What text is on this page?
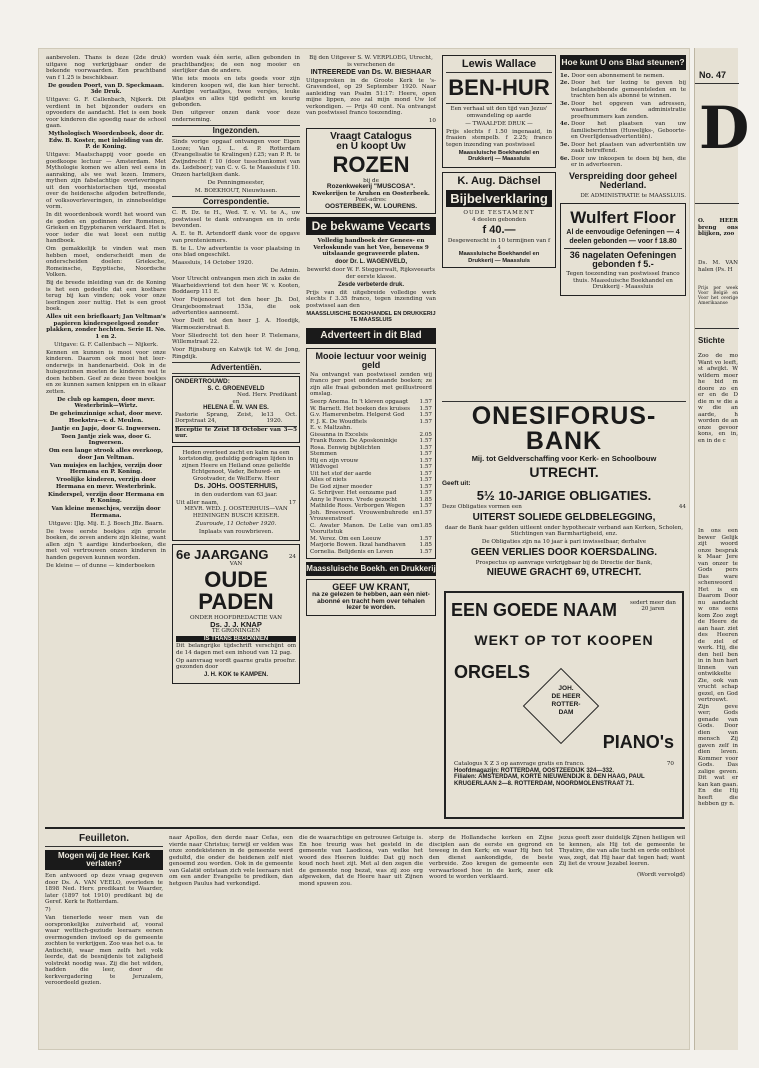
aanbevolen. Thans is deze (2de druk) uitgave nog verkrijgbaar onder de bekende voorwaarden. Een prachtband van f 1.25 is beschikbaar.

De gouden Poort, van D. Speckmaan. 3de Druk.

Uitgave: G. F. Callenbach, Nijkerk. Dit verdient in het bijzonder ouders en opvoeders de aandacht. Het is een boek voor kinderen die spoedig naar de school gaan.

Mythologisch Woordenboek, door dr. Edw. B. Koster, met inleiding van dr. P. de Koning.

Uitgave: Maatschappij voor goede en goedkoope lectuur — Amsterdam. Met Mythologie komen we allen wel eens in aanraking, als we wat lezen. Immers, mythen zijn fabelachtige overleveringen uit den voorhistorischen tijd, meestal over de heidensche afgoden betreffende, of volksoverleveringen, in zinnebeeldige vorm.

In dit woordenboek wordt het woord van de goden en godinnen der Romeinen, Grieken en Egyptenaren verklaard. Het is voor ieder die wat leest een nuttig handboek.

Om gemakkelijk te vinden wat men hebben moet, onderscheidt men de onderscheiden doelen: Grieksche, Romeinsche, Egyptische, Noordsche Volken.

Bij de breede inleiding van dr. de Koning is het een gedeelte dat een kostbare terug bij kan vinden; ook voor onze leerlingen zeer nuttig. Het is een groot boek.

Alles uit een briefkaart; Jan Veltman's papieren kinderspeelgoed zonder plakken, zonder hechten. Serie II. No. 1 en 2.

Uitgave: G. F. Callenbach — Nijkerk.

Kennen en kunnen is mooi voor onze kinderen. Daarom ook mooi het leer-onderwijs in handenarbeid. Ook in de huisgezinnen moeten de kinderen wat te doen hebben. Geef ze deze twee boekjes en ze kunnen samen knippen en in elkaar zetten.

De club op kampen, door mevr. Westerbrink—Wirtz.

De geheimzinnige schat, door mevr. Hoekstra—v. d. Meulen.

Jantje en Japje, door G. Ingwersen.

Toen Jantje ziek was, door G. Ingwersen.

Om een lange strook alles overkoop, door Jan Veltman.

Van muisjes en lachjes, verzijn door Hermana en P. Koning.

Vroolijke kinderen, verzijn door Hermana en mevr. Westerbrink.

Kinderspel, verzijn door Hermana en P. Koning.

Van kleine menschjes, verzijn door Hermana.

Uitgave: IJlg. Mij. E. J. Bosch JBz. Baarn.

De twee eerste boekjes zijn groote boeken, de zeven andere zijn kleine, want allen zijn 't aardige kinderboeken, die met vol vertrouwen onzen kinderen in handen gegeven kunnen worden.

De kleine — of dunne — kinderboeken

worden vaak één serie, allen gebonden in prachtbandjes; de een nog mooier en sierlijker dan de andere.

Wie iets moois en iets goeds voor zijn kinderen koopen wil, die kan hier terecht. Aardige vertaaltjes, twee versjes, leuke plaatjes en alles tijd gedicht en keurig gebonden.

Den uitgever onzen dank voor deze onderneming.

Ingezonden.

Sinds vorige opgaaf ontvangen voor Eigen Looze; Van J. L. d. P. Rotterdam (Evangelisatie te Kralingen) f.25; van P. R. te Zwijndrecht f 10 (door tusschenkomst van ds. Ledeboer); van C. v. G. te Maassluis f 10. Onzen hartelijken dank.

De Penningmeester,

M. BOEKHOUT, Nieuwlusen.

Correspondentie.

C. R. Dz. te H., Wed. T. v. Vl. te A., uw postwissel te dank ontvangen en in orde bevonden.

A. E. te R. Artendorff dank voor de opgave van prenteniemers.

B. te L. Uw advertentie is voor plaatsing in ons blad ongeschikt.

Maassluis, 14 October 1920.

De Admin.

Voor Utrecht ontvangen men zich in zake de Waarheidsvriend tot den heer W. v. Kooten, Boddaerp 111 E.

Voor Feijenoord tot den heer Jb. Dol, Oranjeboomstraat 153a, die ook advertenties aanneemt.

Voor Delft tot den heer J. A. Hoedijk, Warmoezierstraat 8.

Voor Sliedrecht tot den heer P. Tielemans, Willemstraat 22.

Voor Rijnsburg en Katwijk tot W. de Jong, Ringdijk.

Advertentiën.
ONDERTROUWD:
S. C. GROENEVELD
Ned. Herv. Predikant
en
HELENA E. W. VAN ES.
Pastorie Sprang, Zeist, le Dorpstraat 24,
13 Oct. 1920.
Receptie te Zeist 18 October van 3—5 uur.

Heden overleed zacht en kalm na een kortstondig, geduldig gedragen lijden in zijnen Heere en Heiland onze geliefde Echtgenoot, Vader, Behuwd- en Grootvader, de WelEerw. Heer

Ds. JOHs. OOSTERHUIS,

in den ouderdom van 63 jaar.

Uit aller naam,	17

MEVR. WED. J. OOSTERHUIS—VAN HEININGEN BUSCH KEISER.

Zuuroude, 11 October 1920.

Inplaats van rouwbrieven.

6e JAARGANG	24
VAN
OUDE PADEN
ONDER HOOFDREDACTIE VAN
Ds. J. J. KNAP
TE GRONINGEN
IS THANS BEGONNEN

Dit belangrijke tijdschrift verschijnt om de 14 dagen met een inhoud van 12 pag.

Op aanvraag wordt gaarne gratis proefnr. gezonden door

J. H. KOK te KAMPEN.

Bij den Uitgever S. W. VERPLOEG, Utrecht, is verschenen de

INTREEREDE van Ds. W. BIESHAAR

Uitgesproken in de Groote Kerk te 's-Gravendeel, op 29 September 1920. Naar aanleiding van Psalm 51:17: Heere, open mijne lippen, zoo zal mijn mond Uw lof verkondigen. — Prijs 40 cent. Na ontvangst van postwissel franco toezending.

10

Vraagt Catalogus
en U koopt Uw
ROZEN
bij de
Rozenkwekerij "MUSCOSA".
Kwekerijen te Aruhen en Oosterbeek.
Post-adres:
OOSTERBEEK, W. LOURENS.
De bekwame Vecarts

Volledig handboek der Genees- en Verloskunde van het Vee, benevens 9 uitslaande gegraveerde platen.

door Dr. L. WAGENVELD,

bewerkt door W. F. Steggerwalt, Rijksveearts der eerste klasse.

Zesde verbeterde druk.

Prijs van dit uitgebreide volledige werk slechts f 3.35 franco, tegen inzending van postwissel aan den

MAASSLUISCHE BOEKHANDEL EN DRUKKERIJ TE MAASSLUIS

Adverteert in dit Blad
Mooie lectuur voor weinig geld

Na ontvangst van postwissel zenden wij franco per post onderstaande boeken; ze zijn alle fraai gebonden met geillustreerd omslag.

Seerp Anema. In 't kleven opgaagt 1.57
W. Barnett. Het boeken des kruises 1.57
G.v. Hamerenbetm. Helgerst God	1.57
F. J. K. De Woudfiels	1.57
E. v. Maltzahn.
Gissanna in Excelsis	2.05
Frank Rozen. De Aposkoninkje	1.57
Rosa. Eenwig bijblichten	1.57
Stemmen	1.57
Hij en zijn vrouw	1.57
Wildvogel	1.57
Uit het stof der aarde	1.57
Alles of niets	1.57
De God zijner moeder	1.57
G. Schrijver. Het eenzame pad	1.57
Anny le Feuvre. Vrede gezocht	1.85
Mathilde Roos. Verborgen Wegen	1.57
Joh. Breevoort. Vrouwenbuhrede en Vrouwenstreef
1.57
C. Awater Manon. De Lelie van om Vooruitstuk
1.85
M. Verez. Om een Leeuw	1.57
Marjorie Bowen. Ikzal handhaven 1.85
Cornelia. Belijdenis en Leven	1.57
Maassluische Boekh. en Drukkerij
GEEF UW KRANT,
na ze gelezen te hebben, aan een niet-abonné en tracht hem over tehalen lezer te worden.
Lewis Wallace
BEN-HUR

Een verhaal uit den tijd van Jezus' omwandeling op aarde

— TWAALFDE DRUK —

Prijs slechts f 1.50 ingenaaid, in fraaien stempelb. f 2.25; franco tegen inzending van postwissel

Maassluische Boekhandel en Drukkerij — Maassluis

K. Aug. Dächsel
Bijbelverklaring
OUDE TESTAMENT
4 deelen gebonden
f 40.—
Desgewenscht in 10 termijnen van f 4
Maassluische Boekhandel en Drukkerij — Maassluis
Hoe kunt U ons Blad steunen?
1e. Door een abonnement te nemen.
2e. Door het ter lezing te geven bij belanghebbende gemeenteleden en te trachten hen als abonné te winnen.
3e. Door het opgeven van adressen, waarheen de administratie proefnummers kan zenden.
4e. Door het plaatsen van uw familieberichten (Huwelijks-, Geboorte- en Overlijdensadvertentiën).
5e. Door het plaatsen van advertentiën uw zaak betreffend.
6e. Door uw inkoopen te doen bij hen, die er in adverteeren.
Verspreiding door geheel Nederland.

DE ADMINISTRATIE te MAASSLUIS.

Wulfert Floor
Al de eenvoudige Oefeningen — 4 deelen gebonden — voor f 18.80
36 nagelaten Oefeningen
gebonden f 5.-

Tegen toezending van postwissel franco thuis. Maassluische Boekhandel en Drukkerij - Maassluis

ONESIFORUS-BANK
Mij. tot Geldverschaffing voor Kerk- en Schoolbouw
UTRECHT.
Geeft uit:
5½ 10-JARIGE OBLIGATIES.
Deze Obligaties vormen een	44
UITERST SOLIEDE GELDBELEGGING,

daar de Bank haar gelden uitleent onder hypothecair verband aan Kerken, Scholen, Stichtingen van Barmhartigheid, enz.

De Obligaties zijn na 10 jaar à pari inwisselbaar, derhalve

GEEN VERLIES DOOR KOERSDALING.

Prospectus op aanvrage verkrijgbaar bij de Directie der Bank,

NIEUWE GRACHT 69, UTRECHT.
EEN GOEDE NAAM sedert meer dan 20 jaren
WEKT OP TOT KOOPEN
ORGELS
JOH.
DE HEER
ROTTER-
DAM
PIANO's
Catalogus X Z 3 op aanvrage gratis en franco.	70
Hoofdmagazijn: ROTTERDAM, OOSTZEEDIJK 324—332.
Filialen: AMSTERDAM, KORTE NIEUWENDIJK 8. DEN HAAG, PAUL KRUGERLAAN 2—8. ROTTERDAM, NOORDMOLENSTRAAT 71.
Feuilleton.
Mogen wij de Heer. Kerk verlaten?

Een antwoord op deze vraag gegeven door Ds. A. VAN VEELO, overleden te 1898 Ned. Herv. predikant te Waarder, later (1897 tot 1910) predikant bij de Geref. Kerk te Rotterdam.

7)

Van tienerlede weer men van de oorspronkelijke zuiverheid af, vooral waar wettisch-geziude leeraars eenen overmogenden invloed op de gemeente zochten te verkrijgen. Zoo was het o.a. te Antiochië, waar men zelfs het volk leerde, dat de besnijdenis tot zaligheid volstrekt noodig was. Zij die het wilden, hadden die leer, door de kerkvergadering te Jeruzalem, veroordeeld gezien.

naar Apollos, den derde naar Cefas, een vierde naar Christus; terwijl er velden was onze zondekistenen in de gemeente werd gedultd, die onder de heidenen zelf niet genoemd zou worden. Ook in de gemeente van Galatië ontstaan zich vele leeraars niet om een ander Evangelie te prediken, dan hetgeen Paulus had verkondigd.

die de waarachtige en getrouwe Getuige is. En hoe treurig was het gesteld in de gemeente van Laodicea, van welke het woord des Heeren luidde: Dat gij noch koud noch heet zijt. Met al den zegen die de gemeente nog bezat, was zij zoo erg afgeweken, dat de Heere haar uit Zijnen mond spuwen zou.

sterp de Hollandsche kerken en Zijne disciplen aan de eerste en gegrond en teweeg in den Kerk; en waar Hij hen tot den dienst aankondigde, de beste verbreide. Zoo kregen de gemeente een verwaarloosd hoe in de kerk, zeer elk woord te worden verklaard.

jezus geeft zeer duidelijk Zijnen heiligen wil te kennen, als Hij tot de gemeente te Thyatire, die van alle tucht en orde ontbloot was, zegt, dat Hij haar dat tegen had; want Zij liet de vrouw Jezabel leeren.

(Wordt vervolgd)

No. 47
D
O. HEER breng ons blijken, zoo
Ds. M. VAN halen (Ps. H
Prijs per week Voor België en Voor het overige Amerikaanse
Stichte
Zoo de mo Want vo leeft, st afwijkt. W wildern moer he bid m doore zo en er en de D die m w die a w die an aarde, h worden de an onze gevoor kons, en in, en in de c
In ons een bewer Gelijk zijt woord onze besprak k Maar Jere van onzer te Gods pers Das ware schenwoord Het is en Daarom Door nu aandacht w ons eens kom Zoo zegt de Heere de aan haar. ziet des Heeren de ziel of werk. Hij, die den heil ben in in hun hart linnen van ontwikkelte Zie, ook van vrucht schap gezel, en God vertrouwt. Zijn geve wer; Gods genade van Gods. Door dien van mensch Zij gaven zelf in dien leven. Kommer voor Gods. Das zalige geven. Dit wat er kan kan gaan. En die Hij heeft die hebben gy n.
